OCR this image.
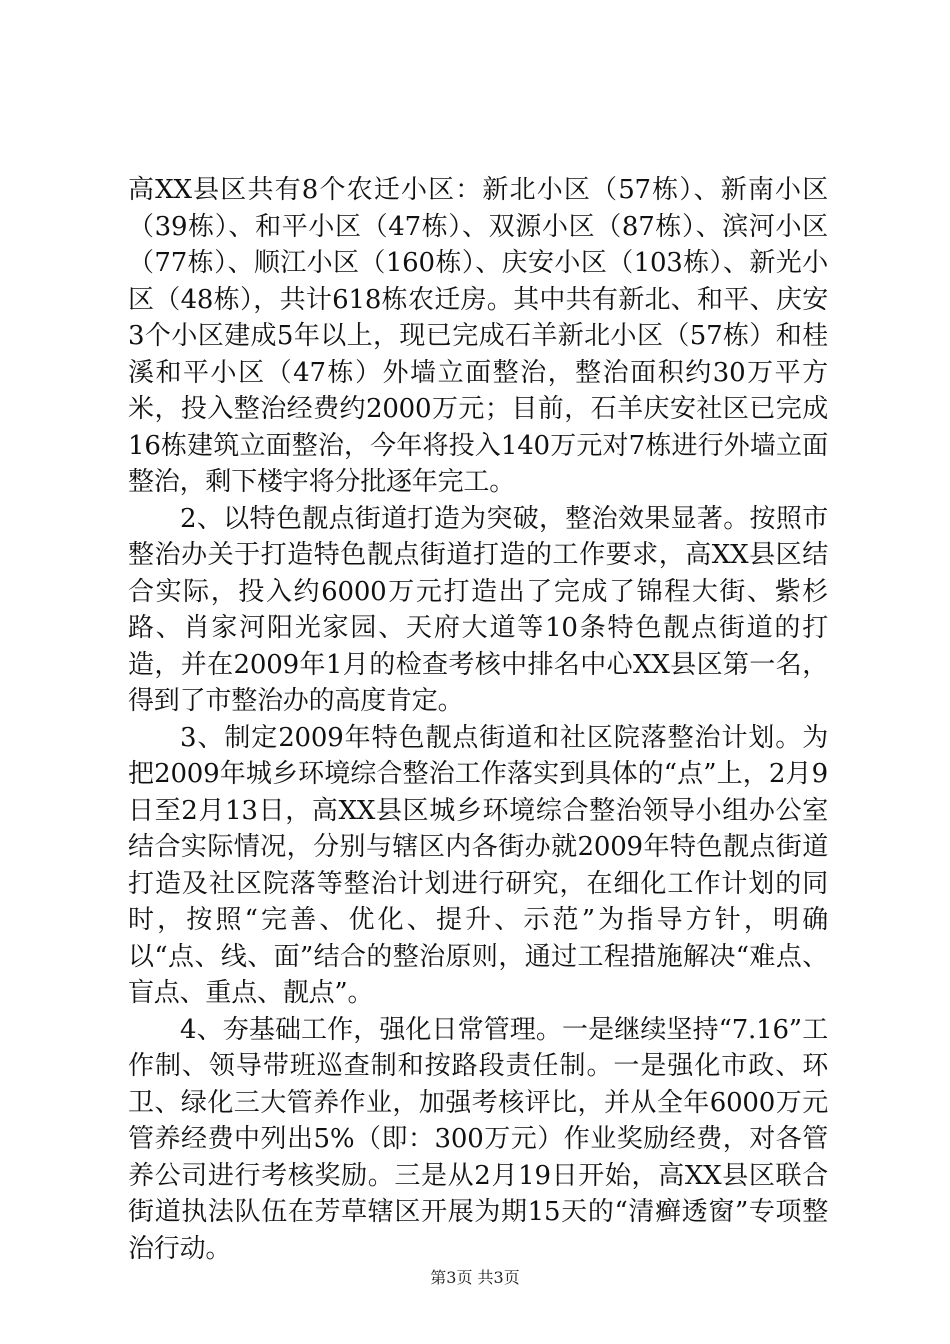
高XX县区共有8个农迁小区：新北小区（57栋）、新南小区（39栋）、和平小区（47栋）、双源小区（87栋）、滨河小区（77栋）、顺江小区（160栋）、庆安小区（103栋）、新光小区（48栋），共计618栋农迁房。其中共有新北、和平、庆安3个小区建成5年以上，现已完成石羊新北小区（57栋）和桂溪和平小区（47栋）外墙立面整治，整治面积约30万平方米，投入整治经费约2000万元；目前，石羊庆安社区已完成16栋建筑立面整治，今年将投入140万元对7栋进行外墙立面整治，剩下楼宇将分批逐年完工。

2、以特色靓点街道打造为突破，整治效果显著。按照市整治办关于打造特色靓点街道打造的工作要求，高XX县区结合实际，投入约6000万元打造出了完成了锦程大街、紫杉路、肖家河阳光家园、天府大道等10条特色靓点街道的打造，并在2009年1月的检查考核中排名中心XX县区第一名，得到了市整治办的高度肯定。

3、制定2009年特色靓点街道和社区院落整治计划。为把2009年城乡环境综合整治工作落实到具体的“点”上，2月9日至2月13日，高XX县区城乡环境综合整治领导小组办公室结合实际情况，分别与辖区内各街办就2009年特色靓点街道打造及社区院落等整治计划进行研究，在细化工作计划的同时，按照“完善、优化、提升、示范”为指导方针，明确以“点、线、面”结合的整治原则，通过工程措施解决“难点、盲点、重点、靓点”。

4、夯基础工作，强化日常管理。一是继续坚持“7.16”工作制、领导带班巡查制和按路段责任制。一是强化市政、环卫、绿化三大管养作业，加强考核评比，并从全年6000万元管养经费中列出5%（即：300万元）作业奖励经费，对各管养公司进行考核奖励。三是从2月19日开始，高XX县区联合街道执法队伍在芳草辖区开展为期15天的“清癣透窗”专项整治行动。

第3页 共3页
